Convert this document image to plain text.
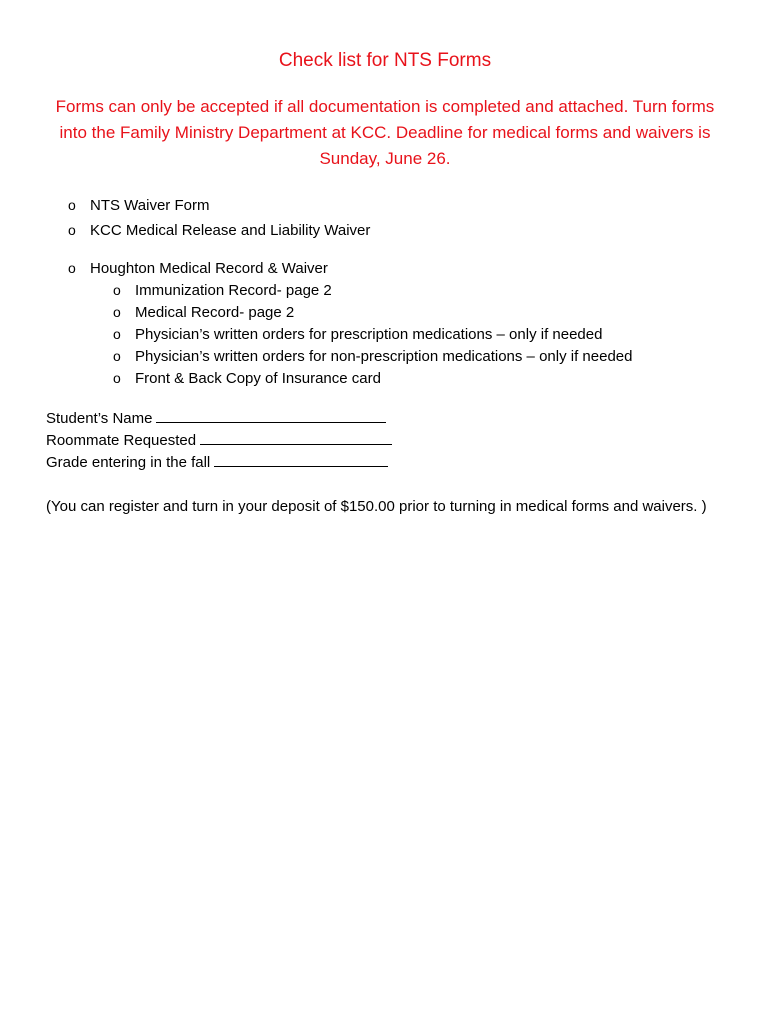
Check list for NTS Forms
Forms can only be accepted if all documentation is completed and attached. Turn forms into the Family Ministry Department at KCC. Deadline for medical forms and waivers is Sunday, June 26.
o NTS Waiver Form
o KCC Medical Release and Liability Waiver
o Houghton Medical Record & Waiver
o Immunization Record- page 2
o Medical Record- page 2
o Physician’s written orders for prescription medications – only if needed
o Physician’s written orders for non-prescription medications – only if needed
o Front & Back Copy of Insurance card
Student’s Name
Roommate Requested
Grade entering in the fall
(You can register and turn in your deposit of $150.00 prior to turning in medical forms and waivers. )
